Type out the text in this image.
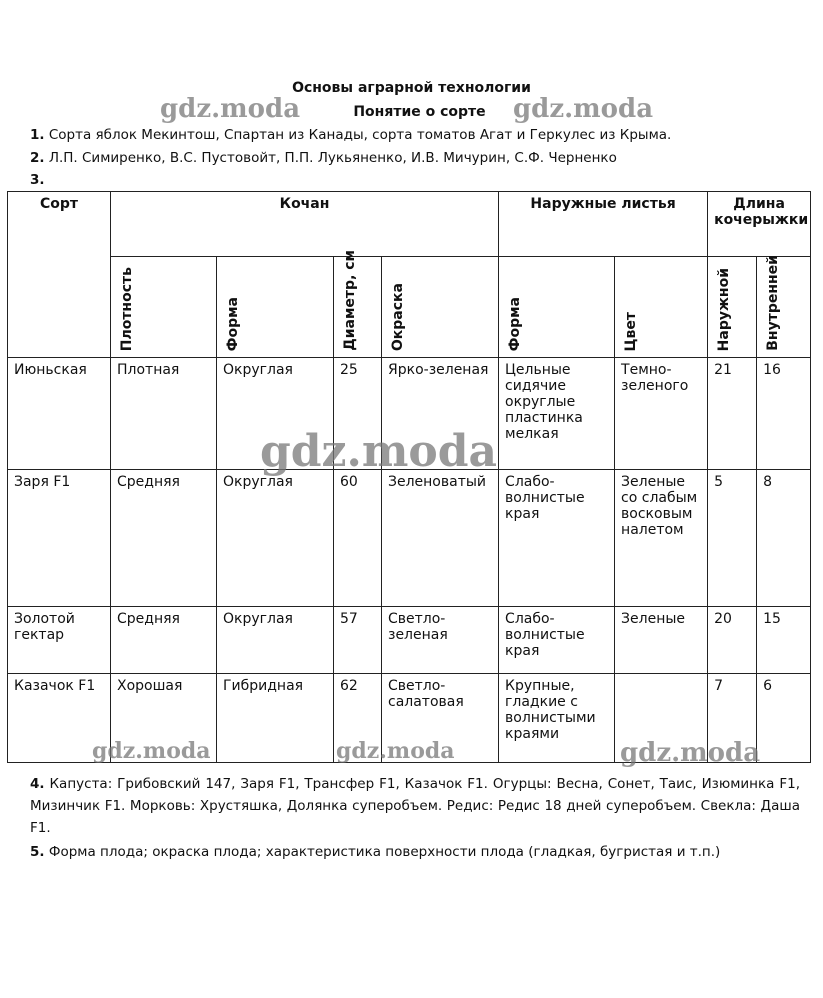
Основы аграрной технологии
Понятие о сорте
1. Сорта яблок Мекинтош, Спартан из Канады, сорта томатов Агат и Геркулес из Крыма.
2. Л.П. Симиренко, В.С. Пустовойт, П.П. Лукьяненко, И.В. Мичурин, С.Ф. Черненко
3.
Сорт	Кочан				Наружные листья		Длина кочерыжки	

	Плотность	Форма	Диаметр, см	Окраска	Форма	Цвет	Наружной	Внутренней

Июньская	Плотная	Округлая	25	Ярко-зеленая	Цельные сидячие округлые пластинка мелкая	Темно-зеленого	21	16
Заря F1	Средняя	Округлая	60	Зеленоватый	Слабо-волнистые края	Зеленые со слабым восковым налетом	5	8
Золотой гектар	Средняя	Округлая	57	Светло-зеленая	Слабо-волнистые края	Зеленые	20	15
Казачок F1	Хорошая	Гибридная	62	Светло-салатовая	Крупные, гладкие с волнистыми краями		7	6
4. Капуста: Грибовский 147, Заря F1, Трансфер F1, Казачок F1. Огурцы: Весна, Сонет, Таис, Изюминка F1, Мизинчик F1. Морковь: Хрустяшка, Долянка суперобъем. Редис: Редис 18 дней суперобъем. Свекла: Даша F1.
5. Форма плода; окраска плода; характеристика поверхности плода (гладкая, бугристая и т.п.)
gdz.moda	gdz.moda
gdz.moda
gdz.moda	gdz.moda	gdz.moda
